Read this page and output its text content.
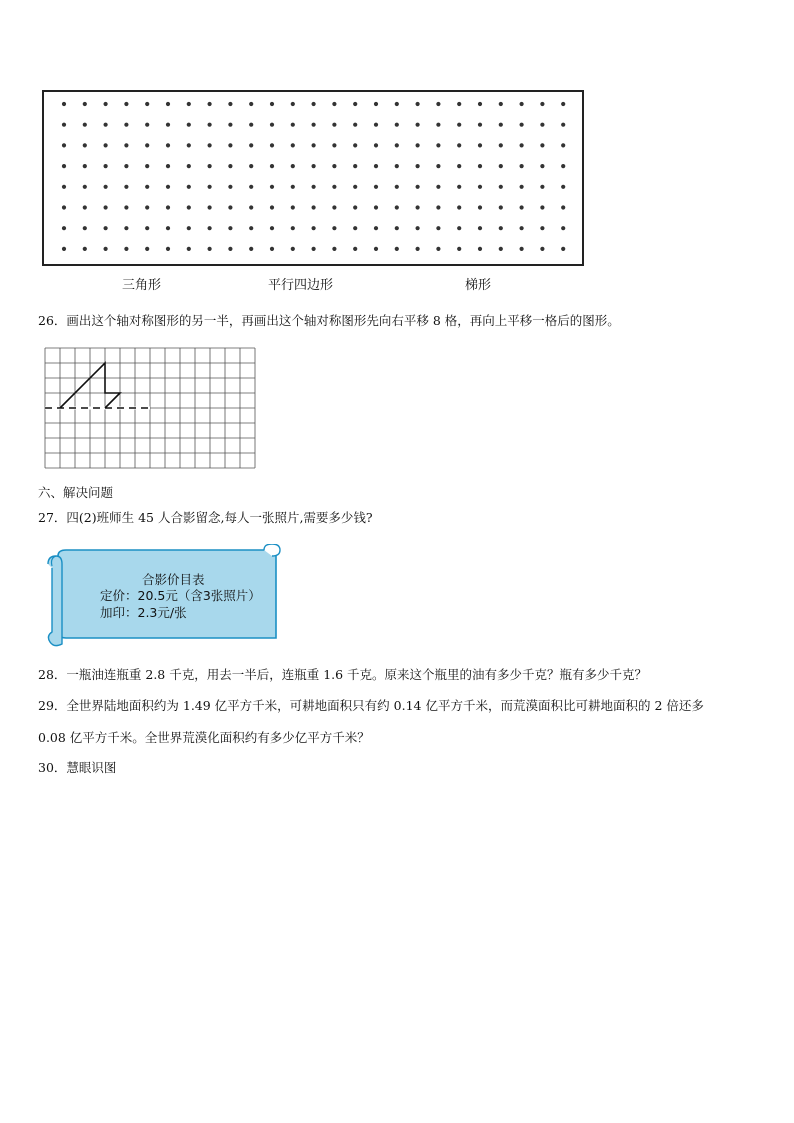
三角形	平行四边形	梯形
26．画出这个轴对称图形的另一半，再画出这个轴对称图形先向右平移 8 格，再向上平移一格后的图形。
六、解决问题
27．四(2)班师生 45 人合影留念,每人一张照片,需要多少钱?
合影价目表
定价：20.5元（含3张照片）
加印：2.3元/张
28．一瓶油连瓶重 2.8 千克，用去一半后，连瓶重 1.6 千克。原来这个瓶里的油有多少千克？瓶有多少千克？
29．全世界陆地面积约为 1.49 亿平方千米，可耕地面积只有约 0.14 亿平方千米，而荒漠面积比可耕地面积的 2 倍还多
0.08 亿平方千米。全世界荒漠化面积约有多少亿平方千米？
30．慧眼识图
